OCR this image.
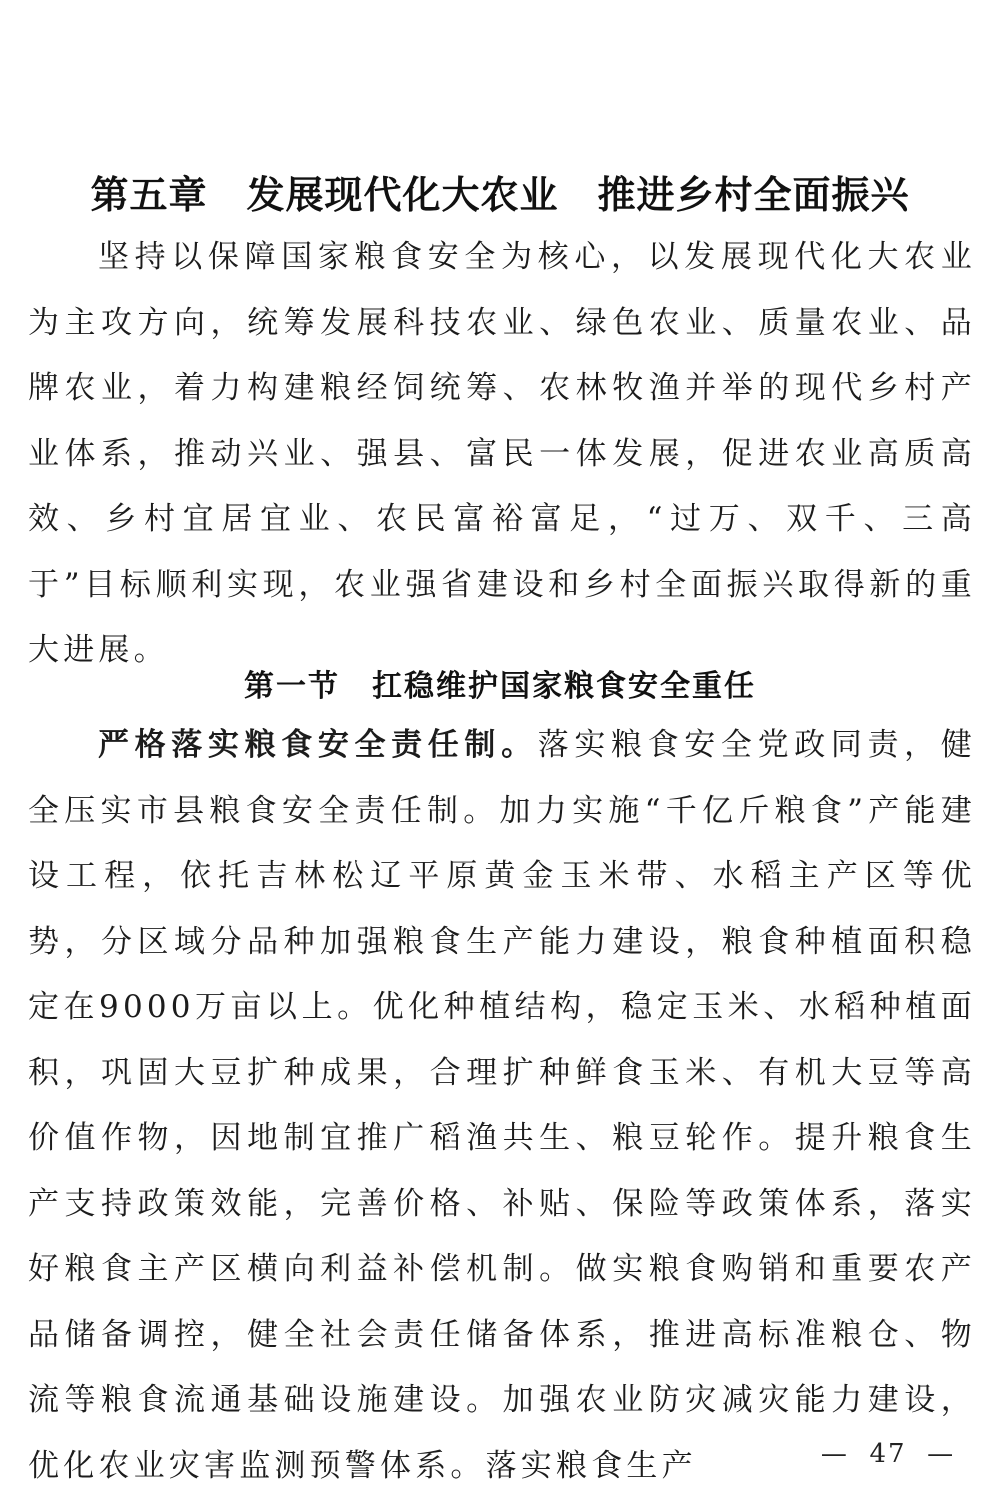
第五章　发展现代化大农业　推进乡村全面振兴

坚持以保障国家粮食安全为核心，以发展现代化大农业为主攻方向，统筹发展科技农业、绿色农业、质量农业、品牌农业，着力构建粮经饲统筹、农林牧渔并举的现代乡村产业体系，推动兴业、强县、富民一体发展，促进农业高质高效、乡村宜居宜业、农民富裕富足，“过万、双千、三高于”目标顺利实现，农业强省建设和乡村全面振兴取得新的重大进展。

第一节　扛稳维护国家粮食安全重任

严格落实粮食安全责任制。落实粮食安全党政同责，健全压实市县粮食安全责任制。加力实施“千亿斤粮食”产能建设工程，依托吉林松辽平原黄金玉米带、水稻主产区等优势，分区域分品种加强粮食生产能力建设，粮食种植面积稳定在9000万亩以上。优化种植结构，稳定玉米、水稻种植面积，巩固大豆扩种成果，合理扩种鲜食玉米、有机大豆等高价值作物，因地制宜推广稻渔共生、粮豆轮作。提升粮食生产支持政策效能，完善价格、补贴、保险等政策体系，落实好粮食主产区横向利益补偿机制。做实粮食购销和重要农产品储备调控，健全社会责任储备体系，推进高标准粮仓、物流等粮食流通基础设施建设。加强农业防灾减灾能力建设，优化农业灾害监测预警体系。落实粮食生产	—  47  —
